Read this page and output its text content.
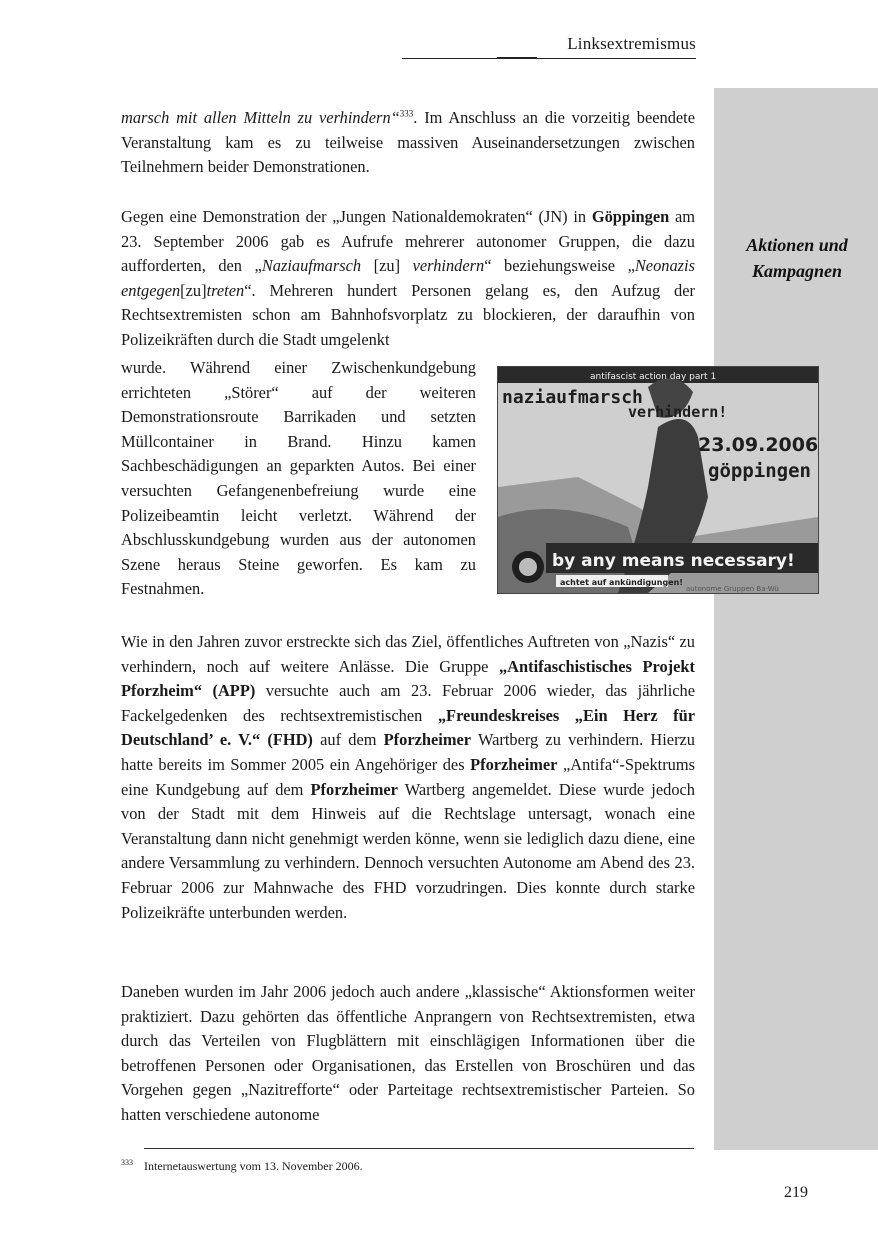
Linksextremismus
Aktionen und
Kampagnen

marsch mit allen Mitteln zu verhindern“$^{333}$. Im Anschluss an die vorzeitig beendete Veranstaltung kam es zu teilweise massiven Auseinandersetzungen zwischen Teilnehmern beider Demonstrationen.

Gegen eine Demonstration der „Jungen Nationaldemokraten“ (JN) in Göppingen am 23. September 2006 gab es Aufrufe mehrerer autonomer Gruppen, die dazu aufforderten, den „Naziaufmarsch [zu] verhindern“ beziehungsweise „Neonazis entgegen[zu]treten“. Mehreren hundert Personen gelang es, den Aufzug der Rechtsextremisten schon am Bahnhofsvorplatz zu blockieren, der daraufhin von Polizeikräften durch die Stadt umgelenkt

wurde. Während einer Zwischenkundgebung errichteten „Störer“ auf der weiteren Demonstrationsroute Barrikaden und setzten Müllcontainer in Brand. Hinzu kamen Sachbeschädigungen an geparkten Autos. Bei einer versuchten Gefangenenbefreiung wurde eine Polizeibeamtin leicht verletzt. Während der Abschlusskundgebung wurden aus der autonomen Szene heraus Steine geworfen. Es kam zu Festnahmen.
antifascist action day part 1
naziaufmarsch
verhindern!
23.09.2006
göppingen
by any means necessary!
achtet auf ankündigungen!
autonome Gruppen Ba-Wü

Wie in den Jahren zuvor erstreckte sich das Ziel, öffentliches Auftreten von „Nazis“ zu verhindern, noch auf weitere Anlässe. Die Gruppe „Antifaschistisches Projekt Pforzheim“ (APP) versuchte auch am 23. Februar 2006 wieder, das jährliche Fackelgedenken des rechtsextremistischen „Freundeskreises „Ein Herz für Deutschland’ e. V.“ (FHD) auf dem Pforzheimer Wartberg zu verhindern. Hierzu hatte bereits im Sommer 2005 ein Angehöriger des Pforzheimer „Antifa“-Spektrums eine Kundgebung auf dem Pforzheimer Wartberg angemeldet. Diese wurde jedoch von der Stadt mit dem Hinweis auf die Rechtslage untersagt, wonach eine Veranstaltung dann nicht genehmigt werden könne, wenn sie lediglich dazu diene, eine andere Versammlung zu verhindern. Dennoch versuchten Autonome am Abend des 23. Februar 2006 zur Mahnwache des FHD vorzudringen. Dies konnte durch starke Polizeikräfte unterbunden werden.

Daneben wurden im Jahr 2006 jedoch auch andere „klassische“ Aktionsformen weiter praktiziert. Dazu gehörten das öffentliche Anprangern von Rechtsextremisten, etwa durch das Verteilen von Flugblättern mit einschlägigen Informationen über die betroffenen Personen oder Organisationen, das Erstellen von Broschüren und das Vorgehen gegen „Nazitrefforte“ oder Parteitage rechtsextremistischer Parteien. So hatten verschiedene autonome

333 Internetauswertung vom 13. November 2006.
219
